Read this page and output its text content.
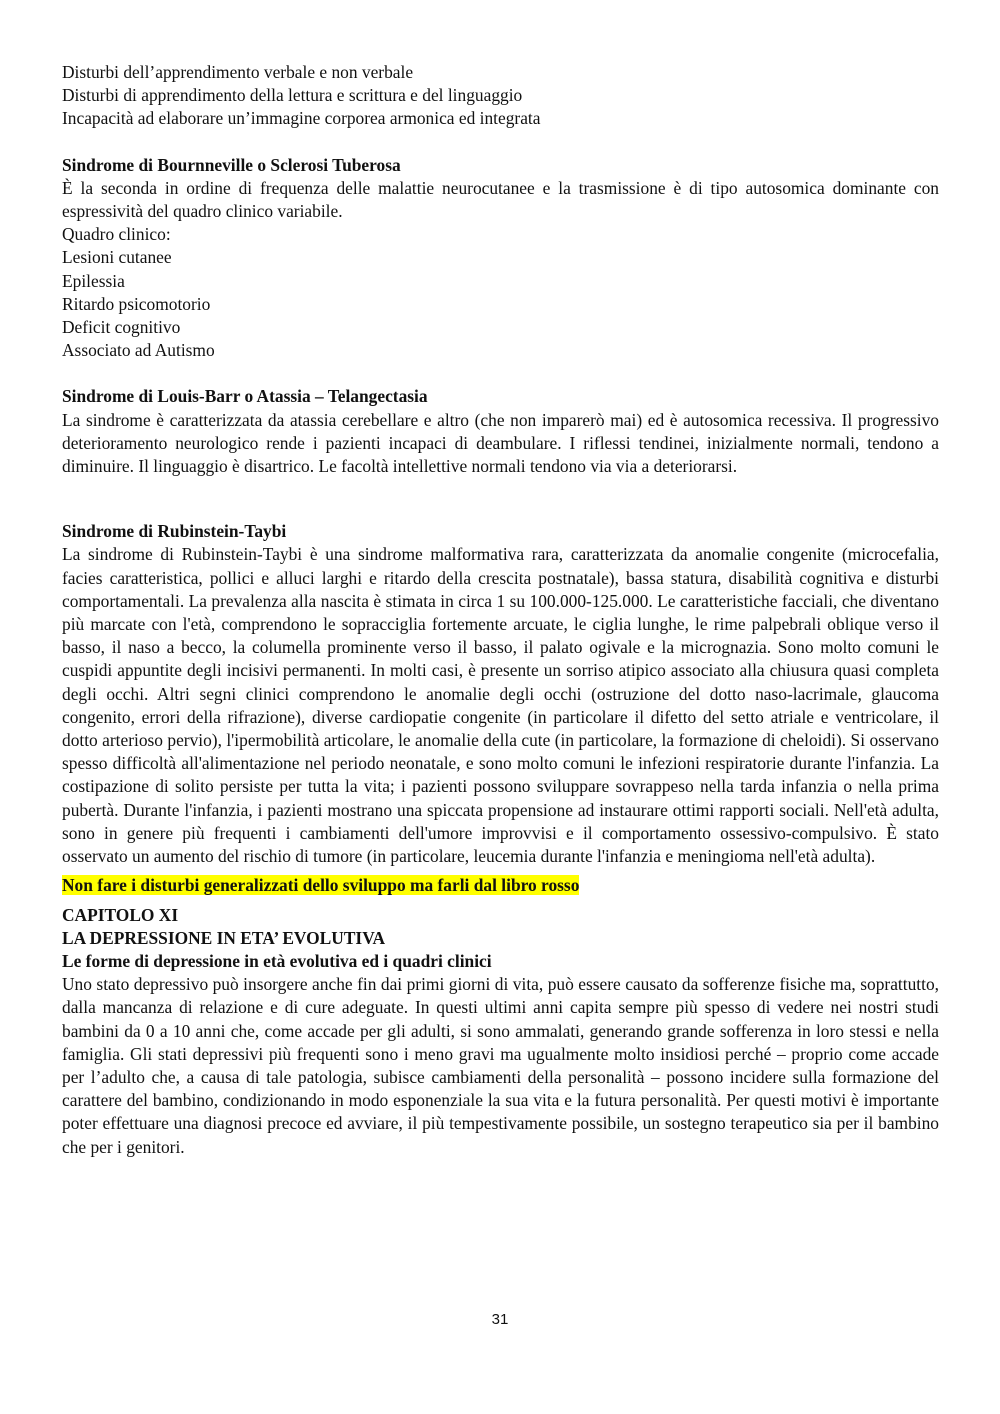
Disturbi dell’apprendimento verbale e non verbale
Disturbi di apprendimento della lettura e scrittura e del linguaggio
Incapacità ad elaborare un’immagine corporea armonica ed integrata
Sindrome di Bournneville o Sclerosi Tuberosa

È la seconda in ordine di frequenza delle malattie neurocutanee e la trasmissione è di tipo autosomica dominante con espressività del quadro clinico variabile.

Quadro clinico:
Lesioni cutanee
Epilessia
Ritardo psicomotorio
Deficit cognitivo
Associato ad Autismo
Sindrome di Louis-Barr o Atassia – Telangectasia

La sindrome è caratterizzata da atassia cerebellare e altro (che non imparerò mai) ed è autosomica recessiva. Il progressivo deterioramento neurologico rende i pazienti incapaci di deambulare. I riflessi tendinei, inizialmente normali, tendono a diminuire. Il linguaggio è disartrico. Le facoltà intellettive normali tendono via via a deteriorarsi.

Sindrome di Rubinstein-Taybi

La sindrome di Rubinstein-Taybi è una sindrome malformativa rara, caratterizzata da anomalie congenite (microcefalia, facies caratteristica, pollici e alluci larghi e ritardo della crescita postnatale), bassa statura, disabilità cognitiva e disturbi comportamentali. La prevalenza alla nascita è stimata in circa 1 su 100.000-125.000. Le caratteristiche facciali, che diventano più marcate con l'età, comprendono le sopracciglia fortemente arcuate, le ciglia lunghe, le rime palpebrali oblique verso il basso, il naso a becco, la columella prominente verso il basso, il palato ogivale e la micrognazia. Sono molto comuni le cuspidi appuntite degli incisivi permanenti. In molti casi, è presente un sorriso atipico associato alla chiusura quasi completa degli occhi. Altri segni clinici comprendono le anomalie degli occhi (ostruzione del dotto naso-lacrimale, glaucoma congenito, errori della rifrazione), diverse cardiopatie congenite (in particolare il difetto del setto atriale e ventricolare, il dotto arterioso pervio), l'ipermobilità articolare, le anomalie della cute (in particolare, la formazione di cheloidi). Si osservano spesso difficoltà all'alimentazione nel periodo neonatale, e sono molto comuni le infezioni respiratorie durante l'infanzia. La costipazione di solito persiste per tutta la vita; i pazienti possono sviluppare sovrappeso nella tarda infanzia o nella prima pubertà. Durante l'infanzia, i pazienti mostrano una spiccata propensione ad instaurare ottimi rapporti sociali. Nell'età adulta, sono in genere più frequenti i cambiamenti dell'umore improvvisi e il comportamento ossessivo-compulsivo. È stato osservato un aumento del rischio di tumore (in particolare, leucemia durante l'infanzia e meningioma nell'età adulta).

Non fare i disturbi generalizzati dello sviluppo ma farli dal libro rosso
CAPITOLO XI
LA DEPRESSIONE IN ETA’ EVOLUTIVA
Le forme di depressione in età evolutiva ed i quadri clinici

Uno stato depressivo può insorgere anche fin dai primi giorni di vita, può essere causato da sofferenze fisiche ma, soprattutto, dalla mancanza di relazione e di cure adeguate. In questi ultimi anni capita sempre più spesso di vedere nei nostri studi bambini da 0 a 10 anni che, come accade per gli adulti, si sono ammalati, generando grande sofferenza in loro stessi e nella famiglia. Gli stati depressivi più frequenti sono i meno gravi ma ugualmente molto insidiosi perché – proprio come accade per l’adulto che, a causa di tale patologia, subisce cambiamenti della personalità – possono incidere sulla formazione del carattere del bambino, condizionando in modo esponenziale la sua vita e la futura personalità. Per questi motivi è importante poter effettuare una diagnosi precoce ed avviare, il più tempestivamente possibile, un sostegno terapeutico sia per il bambino che per i genitori.

31
